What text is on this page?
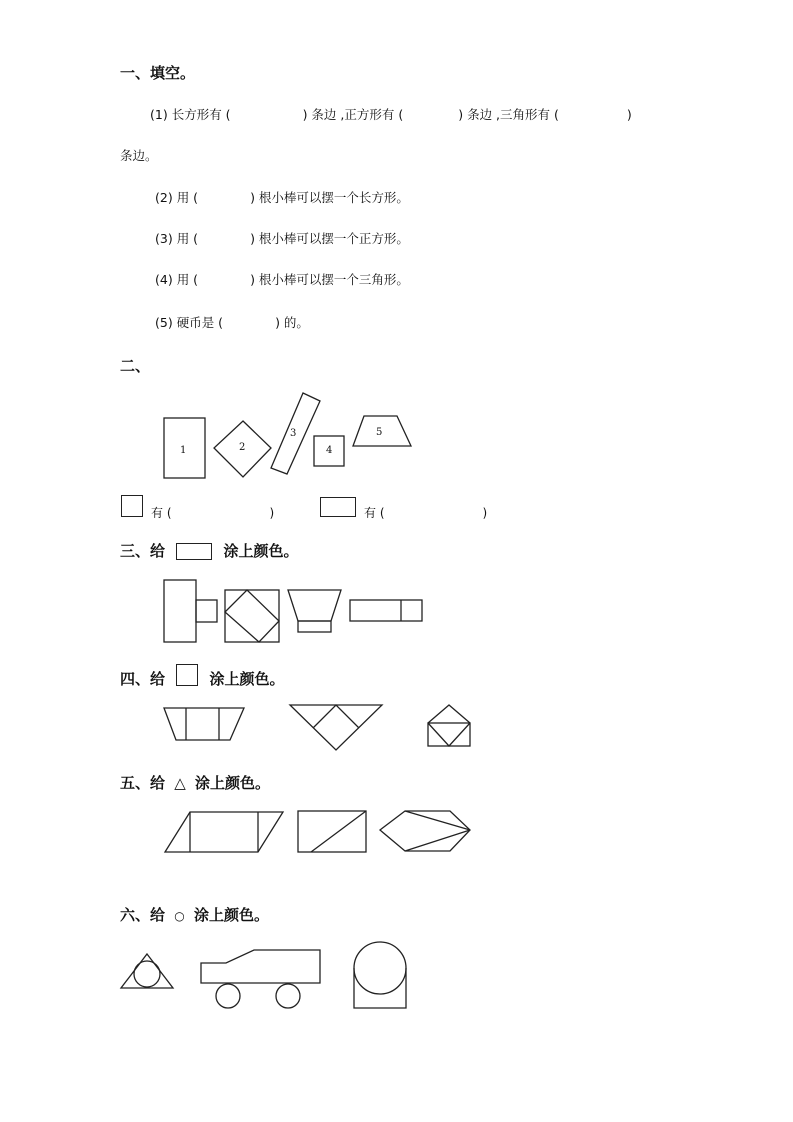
一、填空。
(1) 长方形有 (	) 条边 ,正方形有 (	) 条边 ,三角形有 (	)
条边。
(2) 用 (	) 根小棒可以摆一个长方形。
(3) 用 (	) 根小棒可以摆一个正方形。
(4) 用 (	) 根小棒可以摆一个三角形。
(5) 硬币是 (	) 的。
二、
1	2
3
4
5
有 (	)	有 (	)
三、给	涂上颜色。
四、给	涂上颜色。
五、给 △ 涂上颜色。
六、给 ○ 涂上颜色。
